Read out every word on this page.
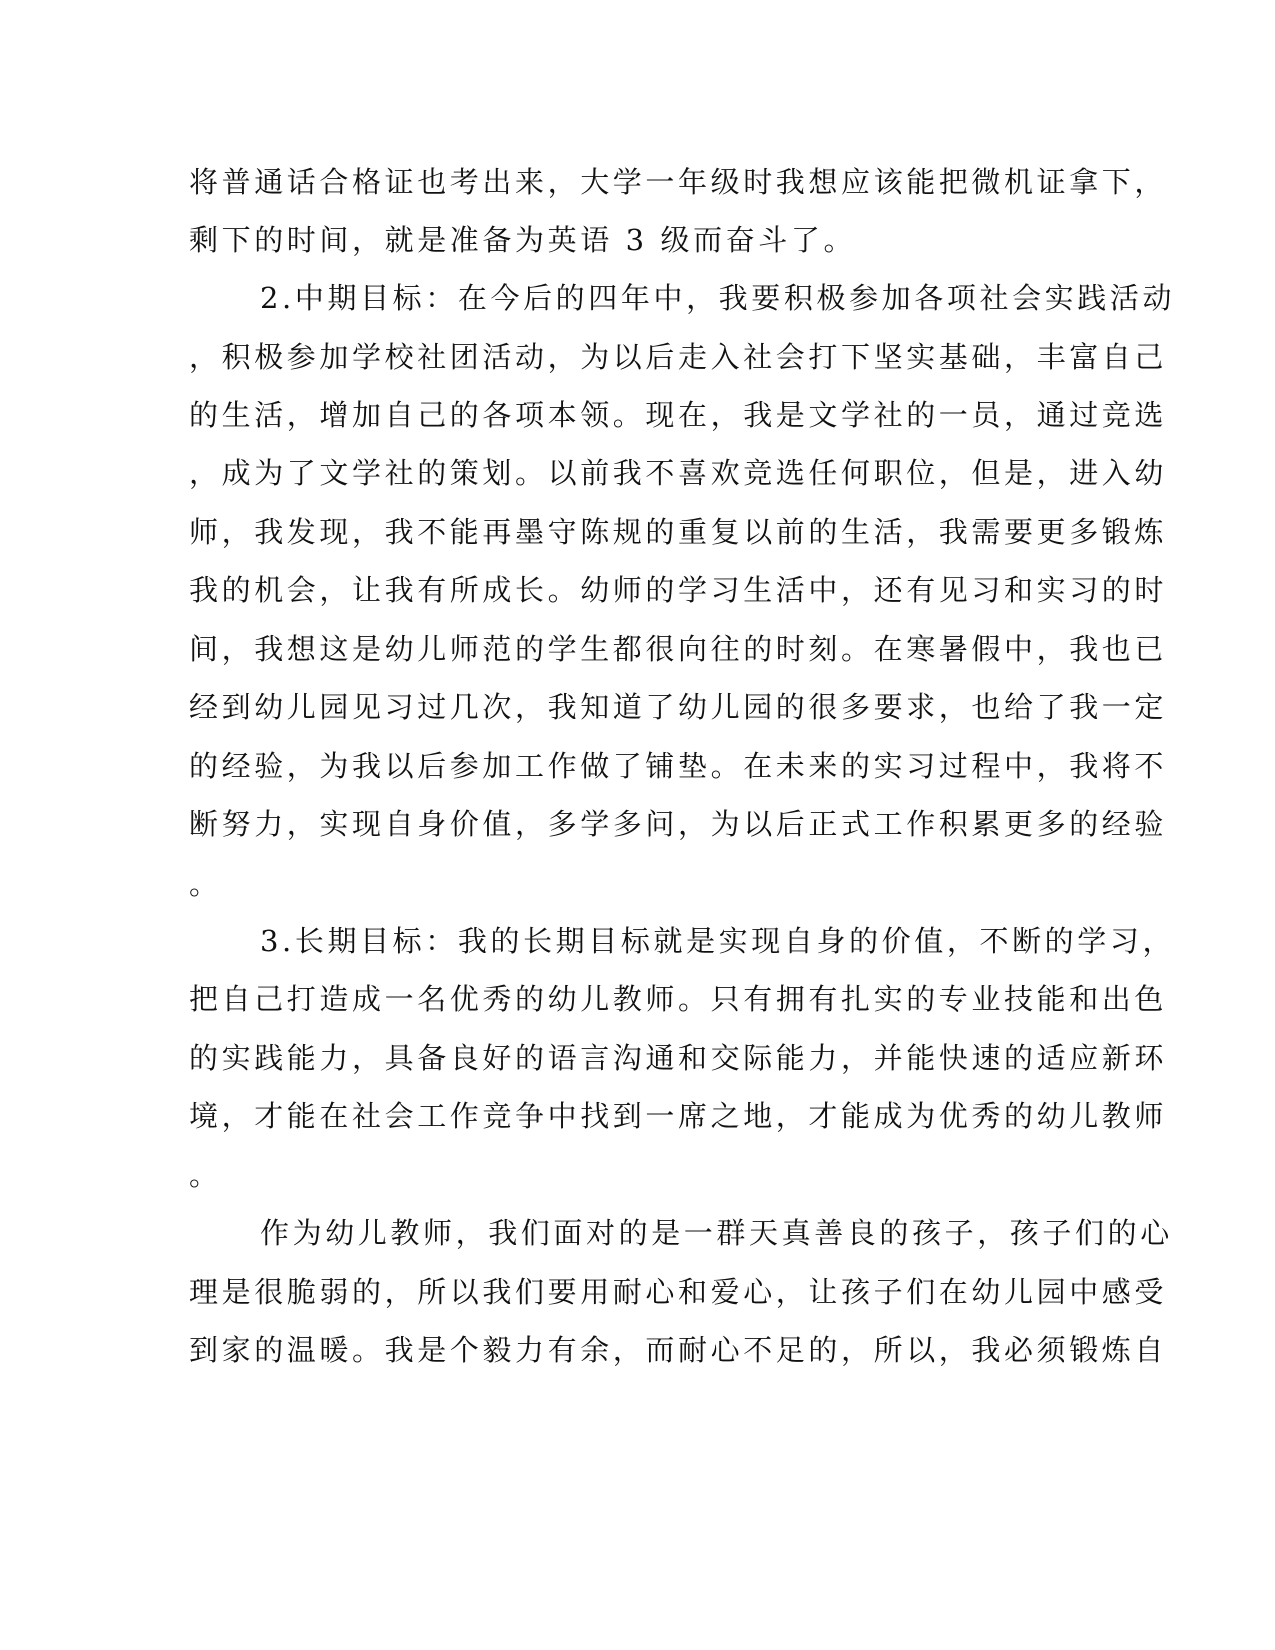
将普通话合格证也考出来，大学一年级时我想应该能把微机证拿下，
剩下的时间，就是准备为英语 3 级而奋斗了。
2.中期目标：在今后的四年中，我要积极参加各项社会实践活动
，积极参加学校社团活动，为以后走入社会打下坚实基础，丰富自己
的生活，增加自己的各项本领。现在，我是文学社的一员，通过竞选
，成为了文学社的策划。以前我不喜欢竞选任何职位，但是，进入幼
师，我发现，我不能再墨守陈规的重复以前的生活，我需要更多锻炼
我的机会，让我有所成长。幼师的学习生活中，还有见习和实习的时
间，我想这是幼儿师范的学生都很向往的时刻。在寒暑假中，我也已
经到幼儿园见习过几次，我知道了幼儿园的很多要求，也给了我一定
的经验，为我以后参加工作做了铺垫。在未来的实习过程中，我将不
断努力，实现自身价值，多学多问，为以后正式工作积累更多的经验
。
3.长期目标：我的长期目标就是实现自身的价值，不断的学习，
把自己打造成一名优秀的幼儿教师。只有拥有扎实的专业技能和出色
的实践能力，具备良好的语言沟通和交际能力，并能快速的适应新环
境，才能在社会工作竞争中找到一席之地，才能成为优秀的幼儿教师
。
作为幼儿教师，我们面对的是一群天真善良的孩子，孩子们的心
理是很脆弱的，所以我们要用耐心和爱心，让孩子们在幼儿园中感受
到家的温暖。我是个毅力有余，而耐心不足的，所以，我必须锻炼自
